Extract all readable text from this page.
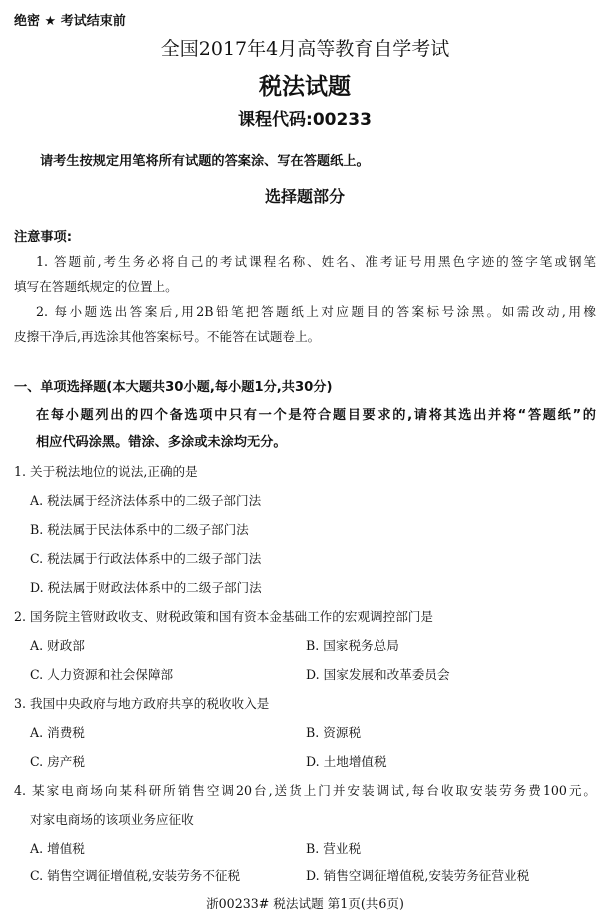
绝密 ★ 考试结束前
全国2017年4月高等教育自学考试
税法试题
课程代码:00233
请考生按规定用笔将所有试题的答案涂、写在答题纸上。
选择题部分
注意事项:
1. 答题前,考生务必将自己的考试课程名称、姓名、准考证号用黑色字迹的签字笔或钢笔
填写在答题纸规定的位置上。
2. 每小题选出答案后,用2B铅笔把答题纸上对应题目的答案标号涂黑。如需改动,用橡
皮擦干净后,再选涂其他答案标号。不能答在试题卷上。
一、单项选择题(本大题共30小题,每小题1分,共30分)
在每小题列出的四个备选项中只有一个是符合题目要求的,请将其选出并将“答题纸”的
相应代码涂黑。错涂、多涂或未涂均无分。
1. 关于税法地位的说法,正确的是
A. 税法属于经济法体系中的二级子部门法
B. 税法属于民法体系中的二级子部门法
C. 税法属于行政法体系中的二级子部门法
D. 税法属于财政法体系中的二级子部门法
2. 国务院主管财政收支、财税政策和国有资本金基础工作的宏观调控部门是
A. 财政部	B. 国家税务总局
C. 人力资源和社会保障部	D. 国家发展和改革委员会
3. 我国中央政府与地方政府共享的税收收入是
A. 消费税	B. 资源税
C. 房产税	D. 土地增值税
4. 某家电商场向某科研所销售空调20台,送货上门并安装调试,每台收取安装劳务费100元。
对家电商场的该项业务应征收
A. 增值税	B. 营业税
C. 销售空调征增值税,安装劳务不征税	D. 销售空调征增值税,安装劳务征营业税
浙00233# 税法试题 第1页(共6页)
